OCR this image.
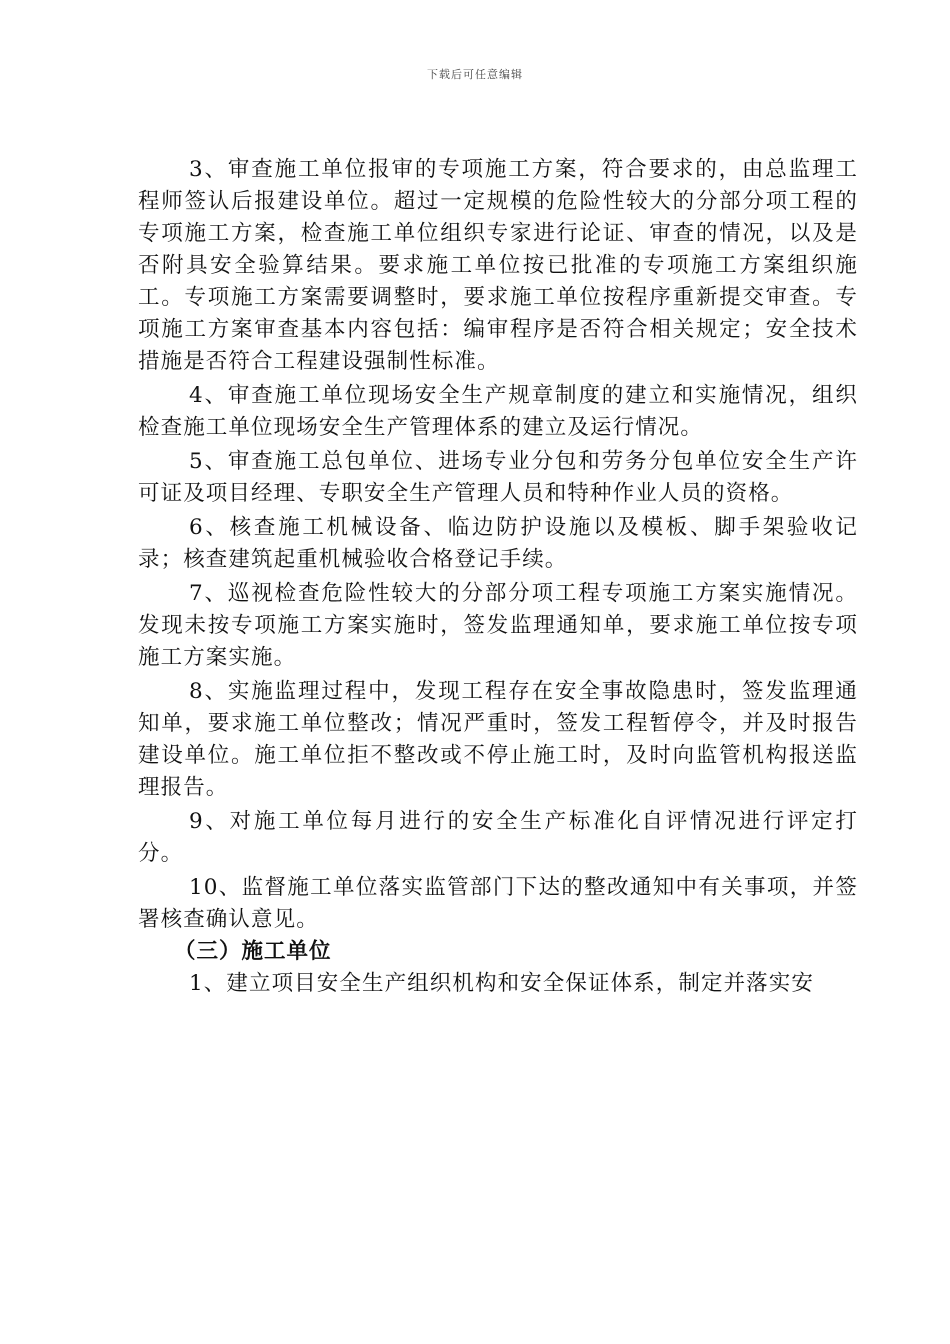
下载后可任意编辑

3、审查施工单位报审的专项施工方案，符合要求的，由总监理工程师签认后报建设单位。超过一定规模的危险性较大的分部分项工程的专项施工方案，检查施工单位组织专家进行论证、审查的情况，以及是否附具安全验算结果。要求施工单位按已批准的专项施工方案组织施工。专项施工方案需要调整时，要求施工单位按程序重新提交审查。专项施工方案审查基本内容包括：编审程序是否符合相关规定；安全技术措施是否符合工程建设强制性标准。

4、审查施工单位现场安全生产规章制度的建立和实施情况，组织检查施工单位现场安全生产管理体系的建立及运行情况。

5、审查施工总包单位、进场专业分包和劳务分包单位安全生产许可证及项目经理、专职安全生产管理人员和特种作业人员的资格。

6、核查施工机械设备、临边防护设施以及模板、脚手架验收记录；核查建筑起重机械验收合格登记手续。

7、巡视检查危险性较大的分部分项工程专项施工方案实施情况。发现未按专项施工方案实施时，签发监理通知单，要求施工单位按专项施工方案实施。

8、实施监理过程中，发现工程存在安全事故隐患时，签发监理通知单，要求施工单位整改；情况严重时，签发工程暂停令，并及时报告建设单位。施工单位拒不整改或不停止施工时，及时向监管机构报送监理报告。

9、对施工单位每月进行的安全生产标准化自评情况进行评定打分。

10、监督施工单位落实监管部门下达的整改通知中有关事项，并签署核查确认意见。

（三）施工单位

1、建立项目安全生产组织机构和安全保证体系，制定并落实安
